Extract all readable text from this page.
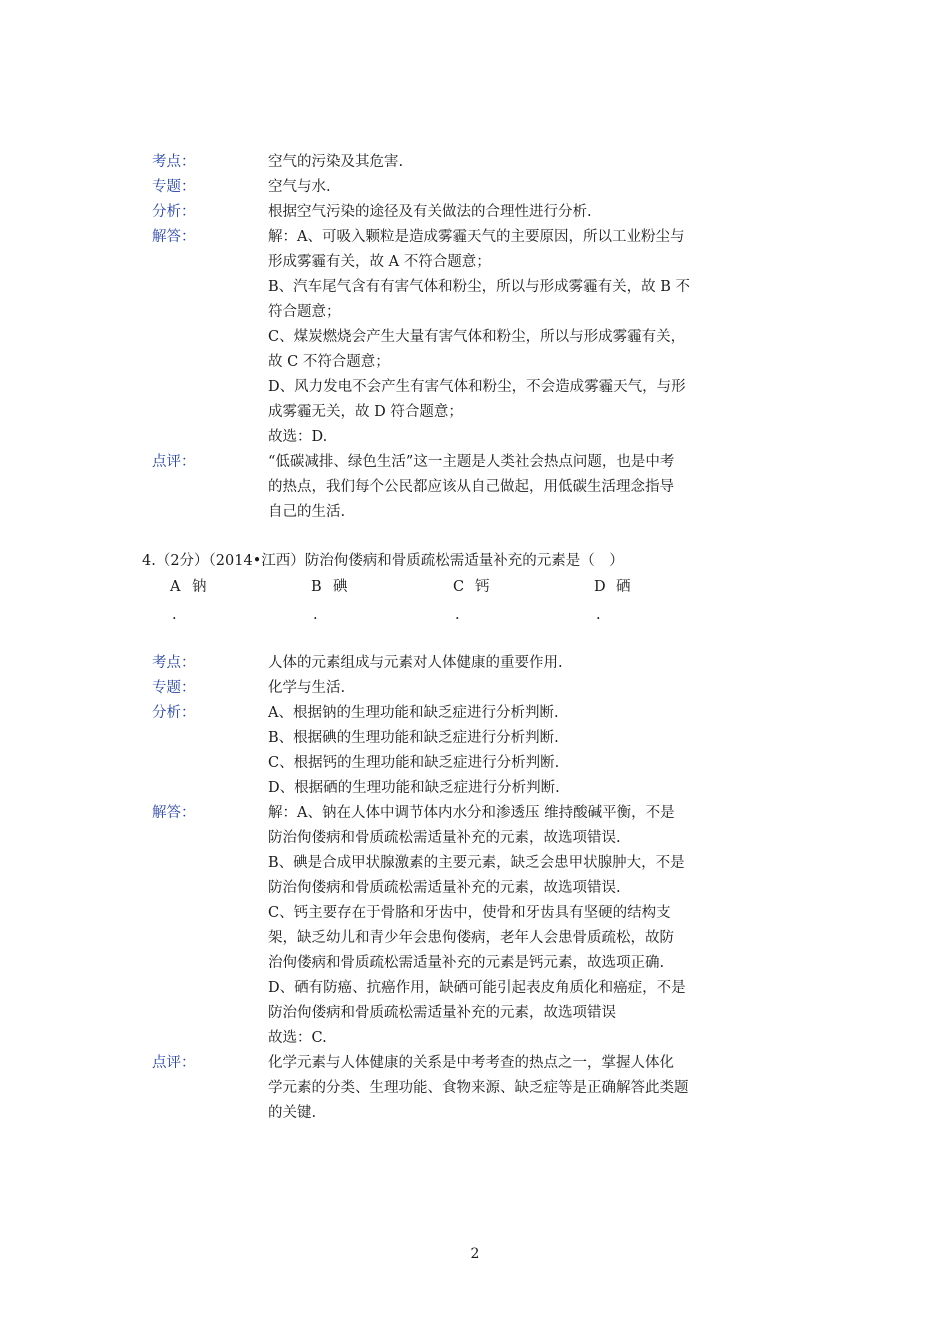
考点：	空气的污染及其危害.
专题：	空气与水.
分析：	根据空气污染的途径及有关做法的合理性进行分析.
解答：	解：A、可吸入颗粒是造成雾霾天气的主要原因，所以工业粉尘与
形成雾霾有关，故 A 不符合题意；
B、汽车尾气含有有害气体和粉尘，所以与形成雾霾有关，故 B 不
符合题意；
C、煤炭燃烧会产生大量有害气体和粉尘，所以与形成雾霾有关，
故 C 不符合题意；
D、风力发电不会产生有害气体和粉尘，不会造成雾霾天气，与形
成雾霾无关，故 D 符合题意；
故选：D.
点评：	“低碳减排、绿色生活”这一主题是人类社会热点问题，也是中考
的热点，我们每个公民都应该从自己做起，用低碳生活理念指导
自己的生活.
4.（2分）（2014•江西）防治佝偻病和骨质疏松需适量补充的元素是（　）
A 钠	B 碘	C 钙	D 硒
.	.	.	.
考点：	人体的元素组成与元素对人体健康的重要作用.
专题：	化学与生活.
分析：	A、根据钠的生理功能和缺乏症进行分析判断.
B、根据碘的生理功能和缺乏症进行分析判断.
C、根据钙的生理功能和缺乏症进行分析判断.
D、根据硒的生理功能和缺乏症进行分析判断.
解答：	解：A、钠在人体中调节体内水分和渗透压 维持酸碱平衡，不是
防治佝偻病和骨质疏松需适量补充的元素，故选项错误.
B、碘是合成甲状腺激素的主要元素，缺乏会患甲状腺肿大，不是
防治佝偻病和骨质疏松需适量补充的元素，故选项错误.
C、钙主要存在于骨胳和牙齿中，使骨和牙齿具有坚硬的结构支
架，缺乏幼儿和青少年会患佝偻病，老年人会患骨质疏松，故防
治佝偻病和骨质疏松需适量补充的元素是钙元素，故选项正确.
D、硒有防癌、抗癌作用，缺硒可能引起表皮角质化和癌症，不是
防治佝偻病和骨质疏松需适量补充的元素，故选项错误
故选：C.
点评：	化学元素与人体健康的关系是中考考查的热点之一，掌握人体化
学元素的分类、生理功能、食物来源、缺乏症等是正确解答此类题
的关键.
2
